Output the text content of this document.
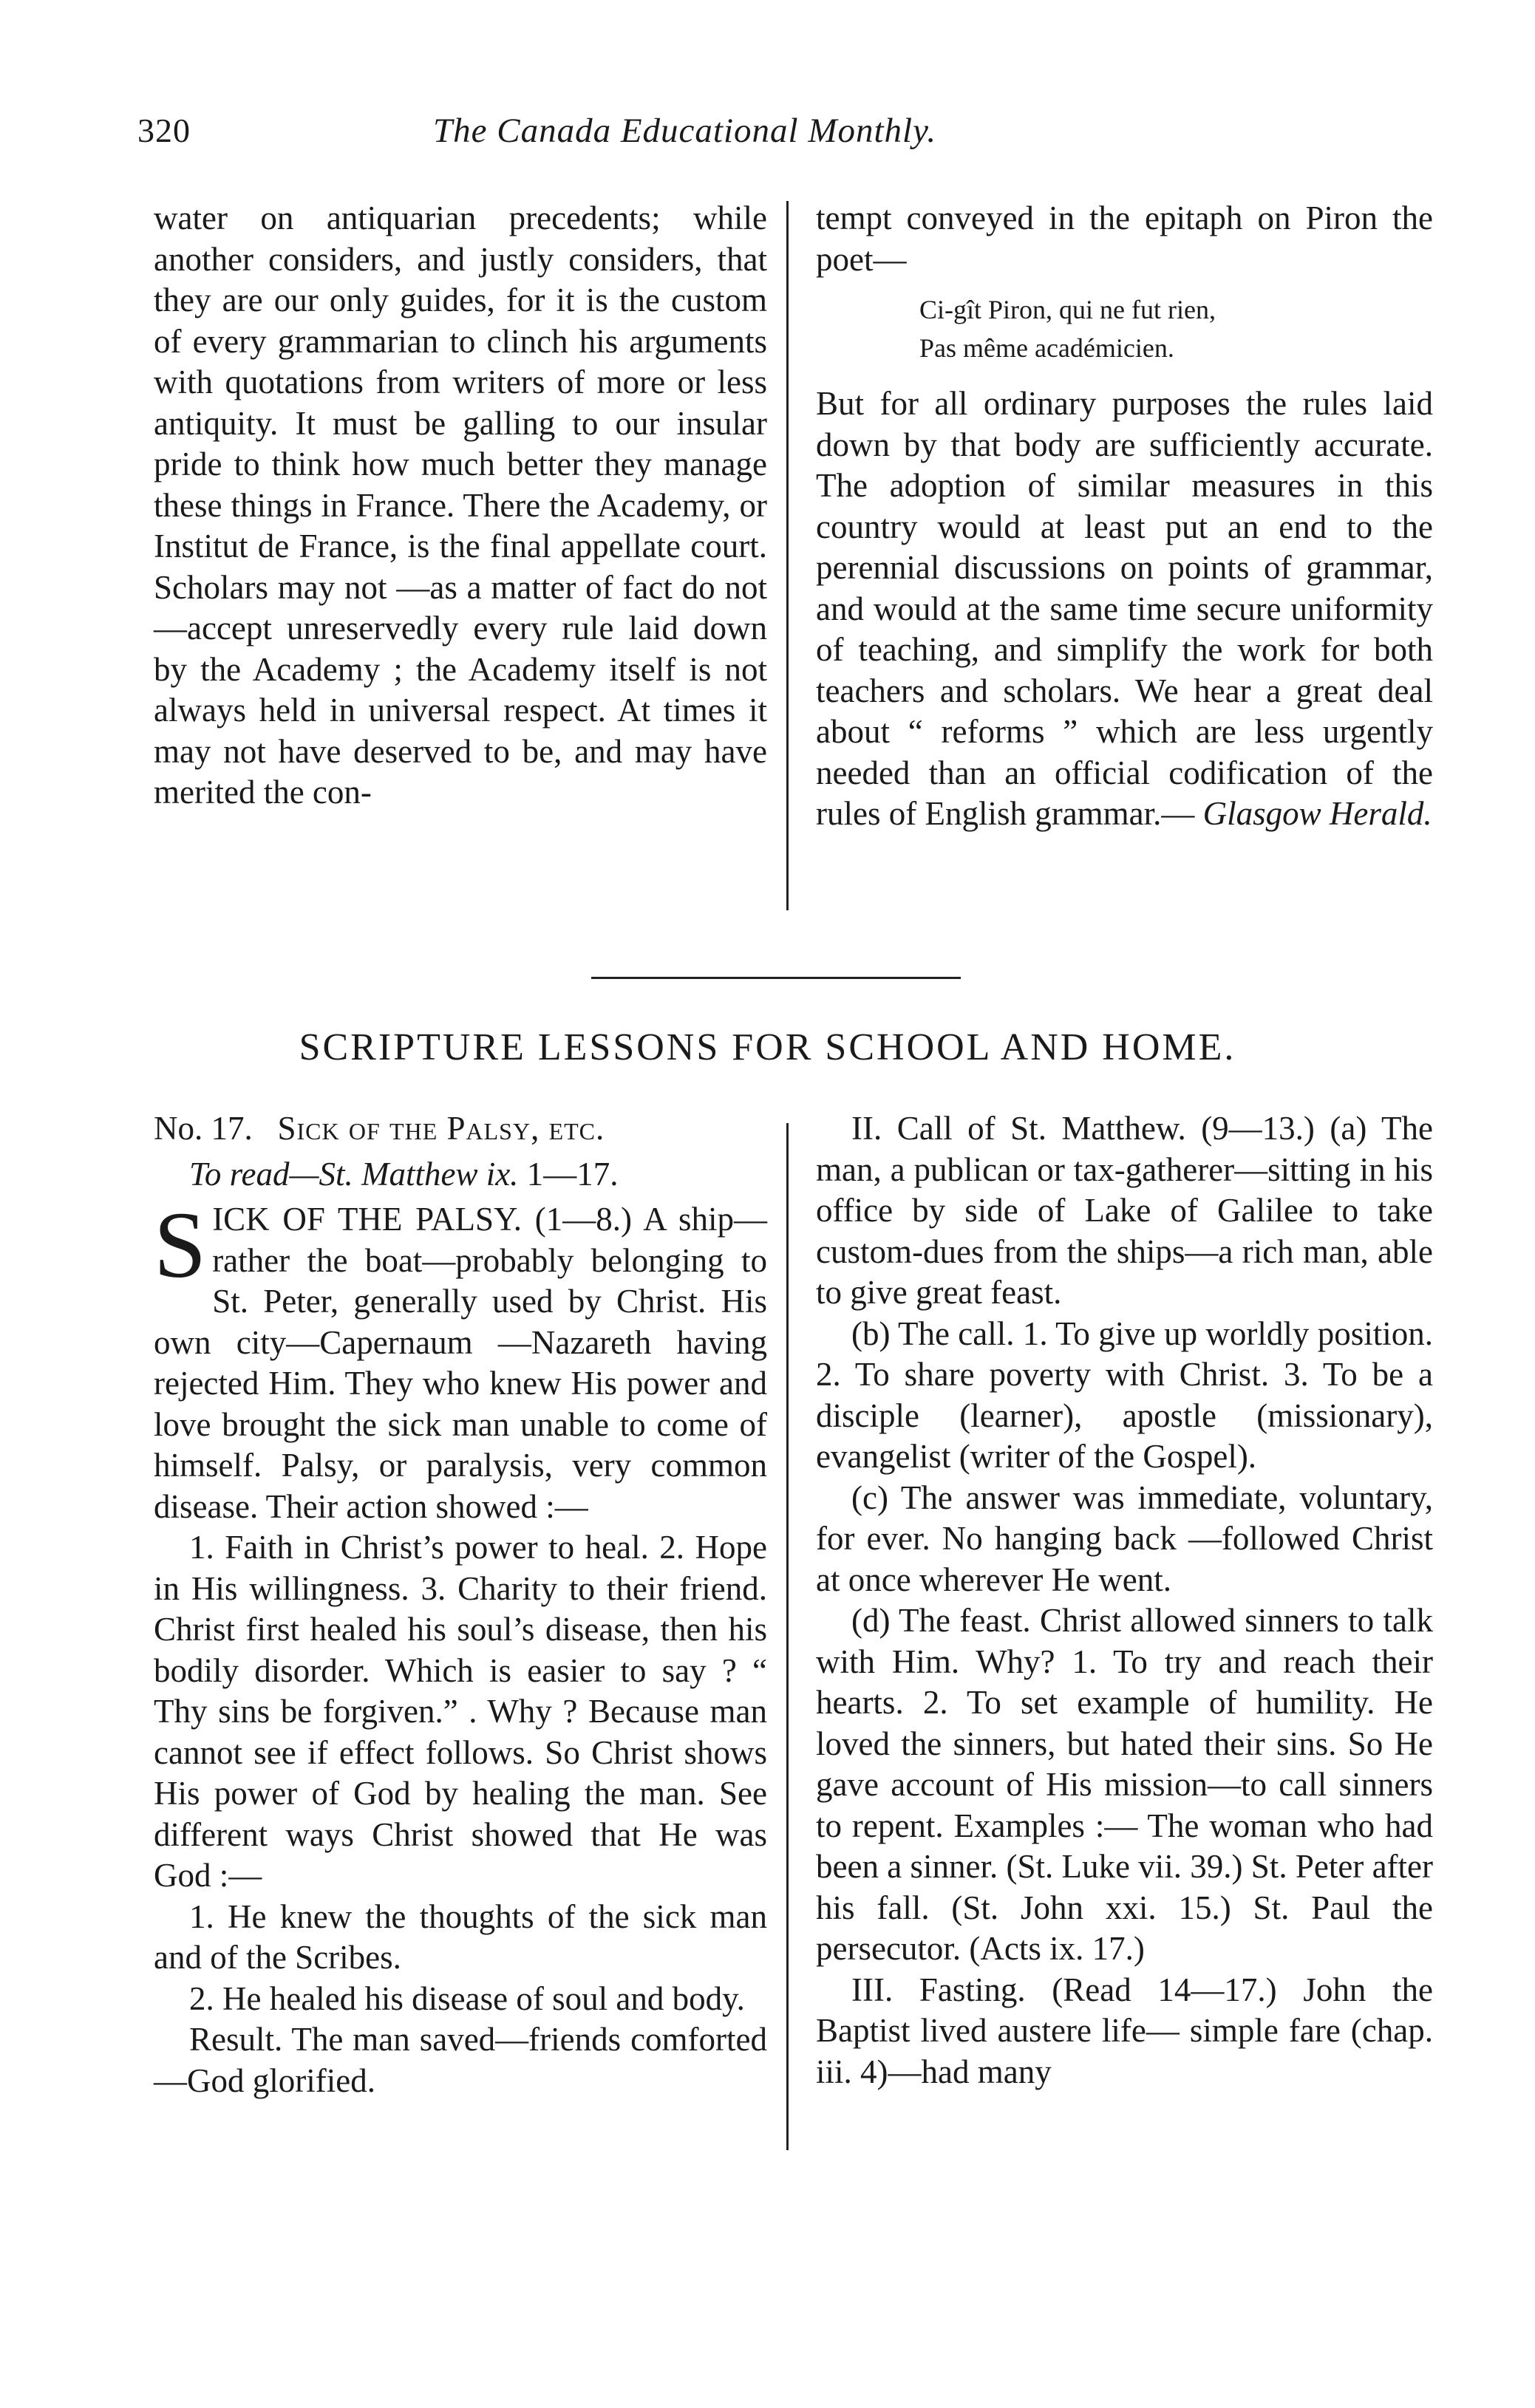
320	The Canada Educational Monthly.

water on antiquarian precedents; while another considers, and justly considers, that they are our only guides, for it is the custom of every grammarian to clinch his arguments with quotations from writers of more or less antiquity. It must be galling to our insular pride to think how much better they manage these things in France. There the Academy, or Institut de France, is the final appellate court. Scholars may not —as a matter of fact do not—accept unreservedly every rule laid down by the Academy ; the Academy itself is not always held in universal respect. At times it may not have deserved to be, and may have merited the con-

tempt conveyed in the epitaph on Piron the poet—

Ci-gît Piron, qui ne fut rien,
Pas même académicien.

But for all ordinary purposes the rules laid down by that body are sufficiently accurate. The adoption of similar measures in this country would at least put an end to the perennial discussions on points of grammar, and would at the same time secure uniformity of teaching, and simplify the work for both teachers and scholars. We hear a great deal about “ reforms ” which are less urgently needed than an official codification of the rules of English grammar.— Glasgow Herald.

SCRIPTURE LESSONS FOR SCHOOL AND HOME.

No. 17. Sick of the Palsy, etc.

To read—St. Matthew ix. 1—17.

SICK OF THE PALSY. (1—8.) A ship—rather the boat—probably belonging to St. Peter, generally used by Christ. His own city—Capernaum —Nazareth having rejected Him. They who knew His power and love brought the sick man unable to come of himself. Palsy, or paralysis, very common disease. Their action showed :—

1. Faith in Christ’s power to heal. 2. Hope in His willingness. 3. Charity to their friend. Christ first healed his soul’s disease, then his bodily disorder. Which is easier to say ? “ Thy sins be forgiven.” . Why ? Because man cannot see if effect follows. So Christ shows His power of God by healing the man. See different ways Christ showed that He was God :—

1. He knew the thoughts of the sick man and of the Scribes.

2. He healed his disease of soul and body.

Result. The man saved—friends comforted—God glorified.

II. Call of St. Matthew. (9—13.) (a) The man, a publican or tax-gatherer—sitting in his office by side of Lake of Galilee to take custom-dues from the ships—a rich man, able to give great feast.

(b) The call. 1. To give up worldly position. 2. To share poverty with Christ. 3. To be a disciple (learner), apostle (missionary), evangelist (writer of the Gospel).

(c) The answer was immediate, voluntary, for ever. No hanging back —followed Christ at once wherever He went.

(d) The feast. Christ allowed sinners to talk with Him. Why? 1. To try and reach their hearts. 2. To set example of humility. He loved the sinners, but hated their sins. So He gave account of His mission—to call sinners to repent. Examples :— The woman who had been a sinner. (St. Luke vii. 39.) St. Peter after his fall. (St. John xxi. 15.) St. Paul the persecutor. (Acts ix. 17.)

III. Fasting. (Read 14—17.) John the Baptist lived austere life— simple fare (chap. iii. 4)—had many
